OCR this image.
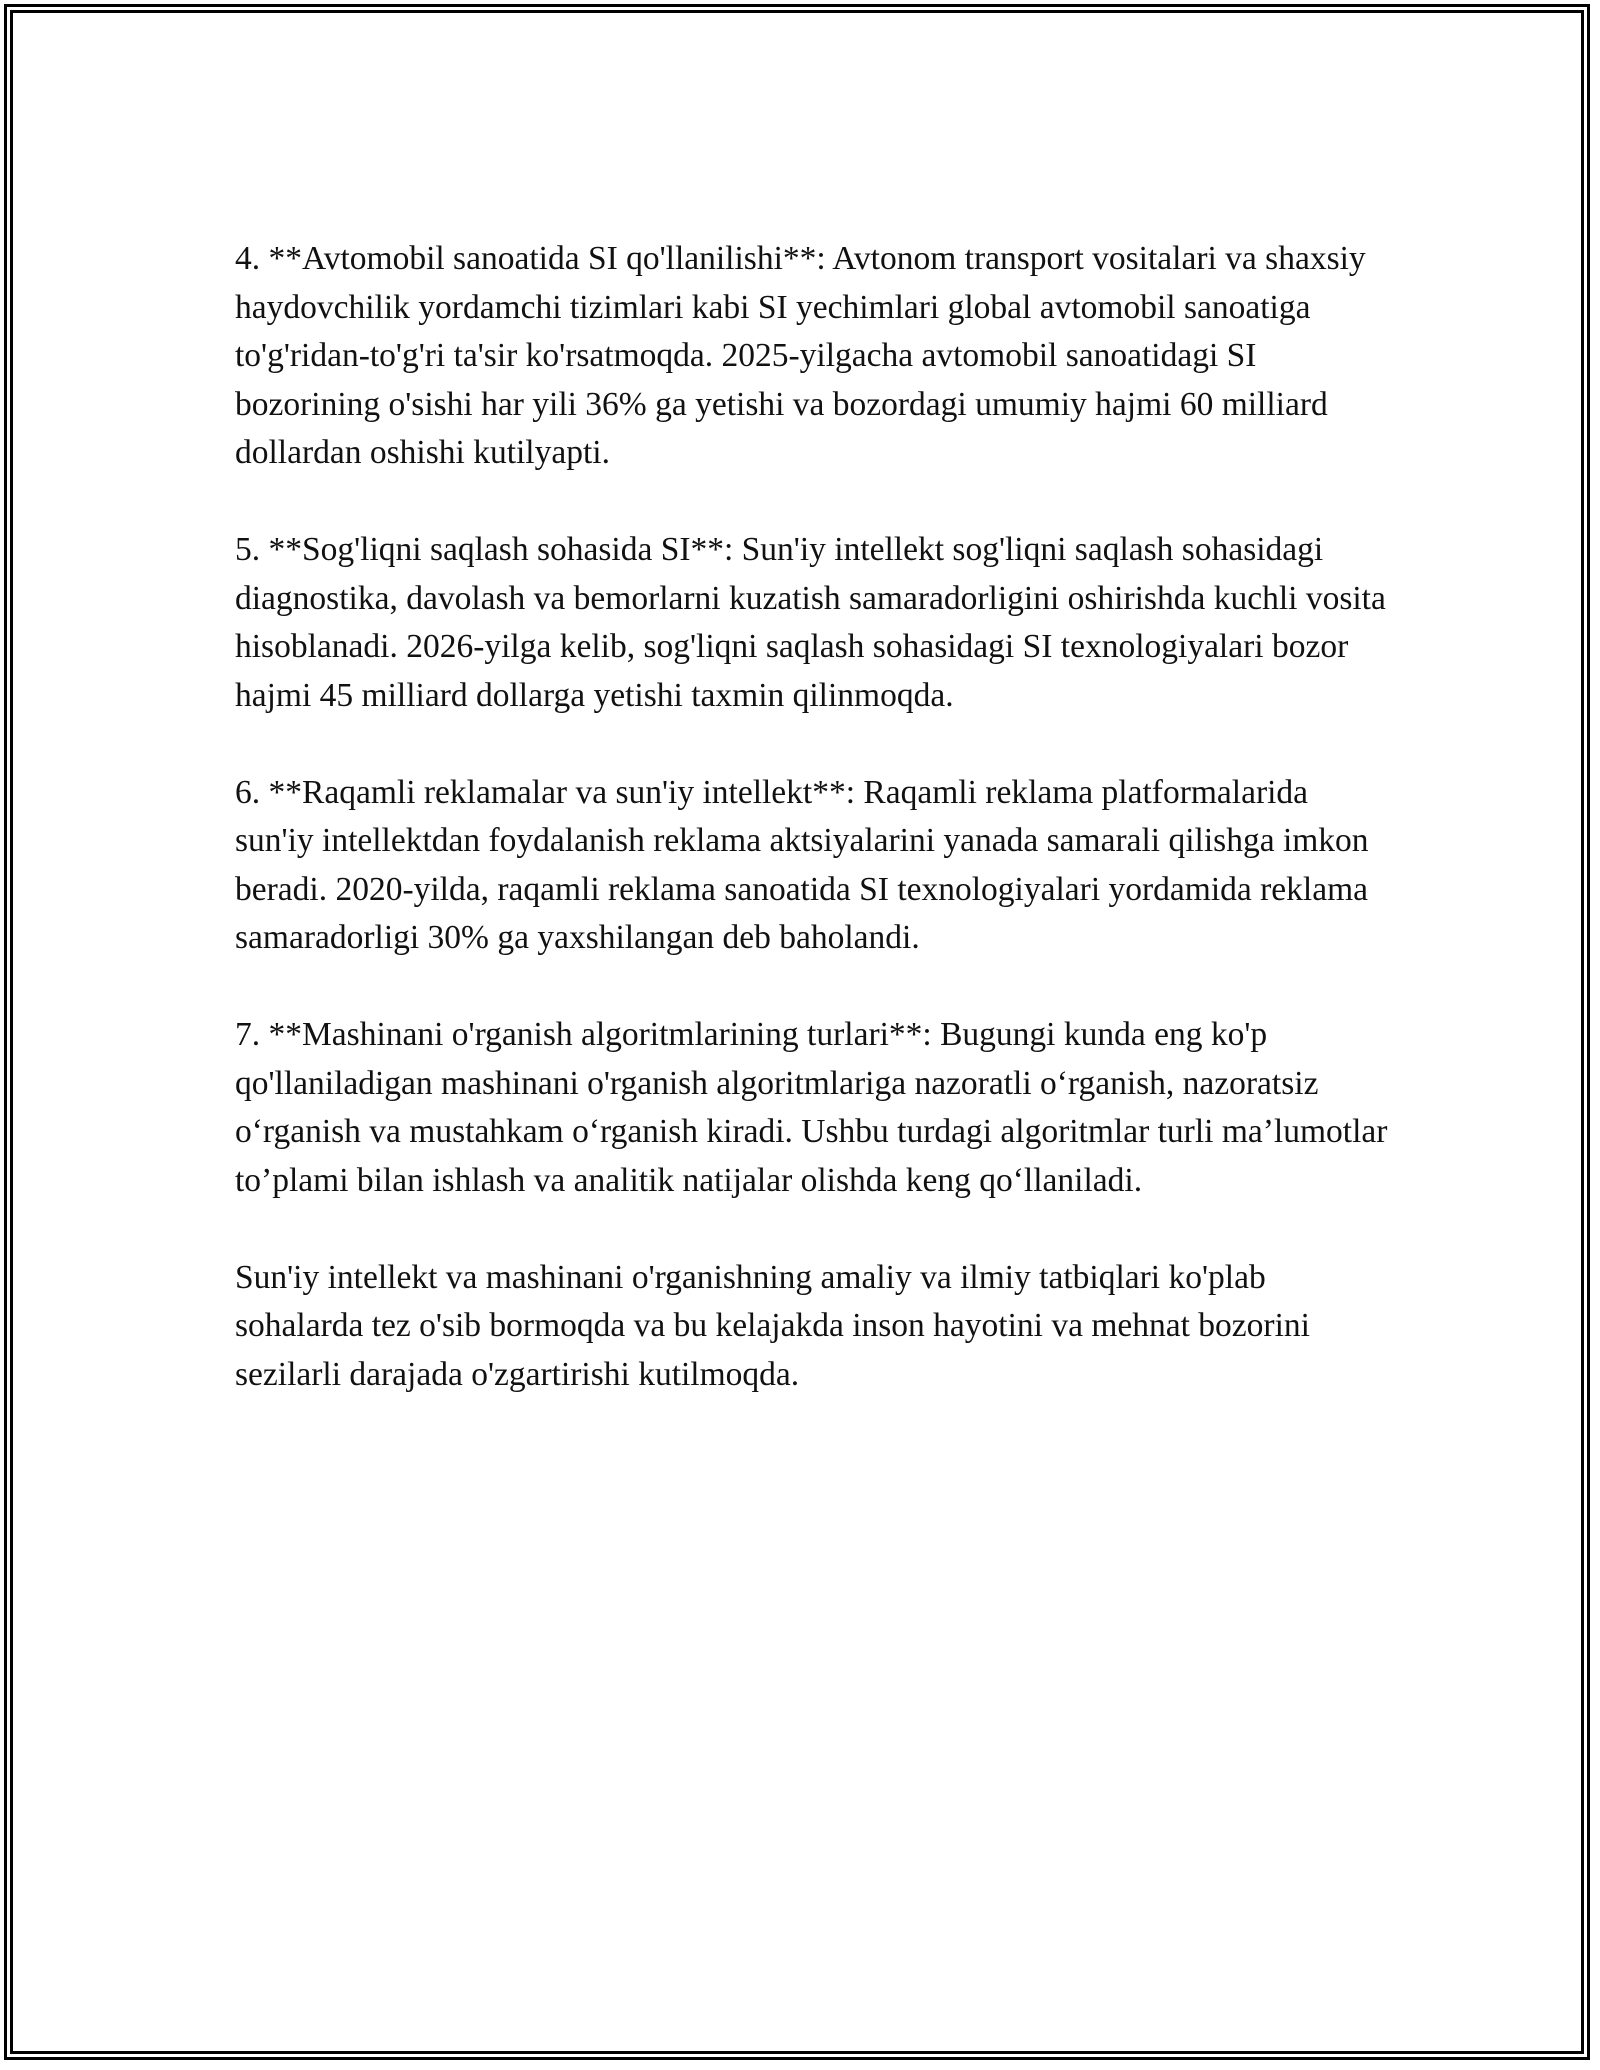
4. **Avtomobil sanoatida SI qo'llanilishi**: Avtonom transport vositalari va shaxsiy haydovchilik yordamchi tizimlari kabi SI yechimlari global avtomobil sanoatiga to'g'ridan-to'g'ri ta'sir ko'rsatmoqda. 2025-yilgacha avtomobil sanoatidagi SI bozorining o'sishi har yili 36% ga yetishi va bozordagi umumiy hajmi 60 milliard dollardan oshishi kutilyapti.

5. **Sog'liqni saqlash sohasida SI**: Sun'iy intellekt sog'liqni saqlash sohasidagi diagnostika, davolash va bemorlarni kuzatish samaradorligini oshirishda kuchli vosita hisoblanadi. 2026-yilga kelib, sog'liqni saqlash sohasidagi SI texnologiyalari bozor hajmi 45 milliard dollarga yetishi taxmin qilinmoqda.

6. **Raqamli reklamalar va sun'iy intellekt**: Raqamli reklama platformalarida sun'iy intellektdan foydalanish reklama aktsiyalarini yanada samarali qilishga imkon beradi. 2020-yilda, raqamli reklama sanoatida SI texnologiyalari yordamida reklama samaradorligi 30% ga yaxshilangan deb baholandi.

7. **Mashinani o'rganish algoritmlarining turlari**: Bugungi kunda eng ko'p qo'llaniladigan mashinani o'rganish algoritmlariga nazoratli o‘rganish, nazoratsiz o‘rganish va mustahkam o‘rganish kiradi. Ushbu turdagi algoritmlar turli ma’lumotlar to’plami bilan ishlash va analitik natijalar olishda keng qo‘llaniladi.

Sun'iy intellekt va mashinani o'rganishning amaliy va ilmiy tatbiqlari ko'plab sohalarda tez o'sib bormoqda va bu kelajakda inson hayotini va mehnat bozorini sezilarli darajada o'zgartirishi kutilmoqda.
